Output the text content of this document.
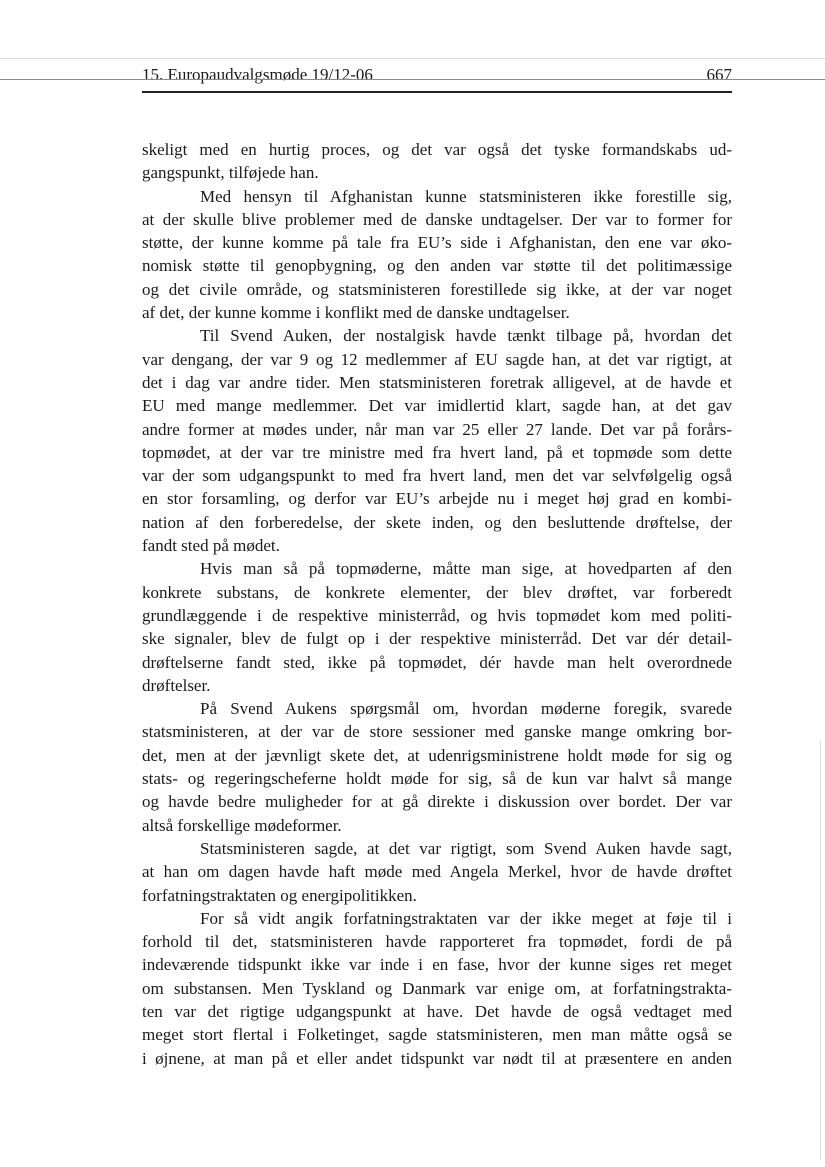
15. Europaudvalgsmøde 19/12-06	667

skeligt med en hurtig proces, og det var også det tyske formandskabs ud-

gangspunkt, tilføjede han.

Med hensyn til Afghanistan kunne statsministeren ikke forestille sig,

at der skulle blive problemer med de danske undtagelser. Der var to former for

støtte, der kunne komme på tale fra EU’s side i Afghanistan, den ene var øko-

nomisk støtte til genopbygning, og den anden var støtte til det politimæssige

og det civile område, og statsministeren forestillede sig ikke, at der var noget

af det, der kunne komme i konflikt med de danske undtagelser.

Til Svend Auken, der nostalgisk havde tænkt tilbage på, hvordan det

var dengang, der var 9 og 12 medlemmer af EU sagde han, at det var rigtigt, at

det i dag var andre tider. Men statsministeren foretrak alligevel, at de havde et

EU med mange medlemmer. Det var imidlertid klart, sagde han, at det gav

andre former at mødes under, når man var 25 eller 27 lande. Det var på forårs-

topmødet, at der var tre ministre med fra hvert land, på et topmøde som dette

var der som udgangspunkt to med fra hvert land, men det var selvfølgelig også

en stor forsamling, og derfor var EU’s arbejde nu i meget høj grad en kombi-

nation af den forberedelse, der skete inden, og den besluttende drøftelse, der

fandt sted på mødet.

Hvis man så på topmøderne, måtte man sige, at hovedparten af den

konkrete substans, de konkrete elementer, der blev drøftet, var forberedt

grundlæggende i de respektive ministerråd, og hvis topmødet kom med politi-

ske signaler, blev de fulgt op i der respektive ministerråd. Det var dér detail-

drøftelserne fandt sted, ikke på topmødet, dér havde man helt overordnede

drøftelser.

På Svend Aukens spørgsmål om, hvordan møderne foregik, svarede

statsministeren, at der var de store sessioner med ganske mange omkring bor-

det, men at der jævnligt skete det, at udenrigsministrene holdt møde for sig og

stats- og regeringscheferne holdt møde for sig, så de kun var halvt så mange

og havde bedre muligheder for at gå direkte i diskussion over bordet. Der var

altså forskellige mødeformer.

Statsministeren sagde, at det var rigtigt, som Svend Auken havde sagt,

at han om dagen havde haft møde med Angela Merkel, hvor de havde drøftet

forfatningstraktaten og energipolitikken.

For så vidt angik forfatningstraktaten var der ikke meget at føje til i

forhold til det, statsministeren havde rapporteret fra topmødet, fordi de på

indeværende tidspunkt ikke var inde i en fase, hvor der kunne siges ret meget

om substansen. Men Tyskland og Danmark var enige om, at forfatningstrakta-

ten var det rigtige udgangspunkt at have. Det havde de også vedtaget med

meget stort flertal i Folketinget, sagde statsministeren, men man måtte også se

i øjnene, at man på et eller andet tidspunkt var nødt til at præsentere en anden
